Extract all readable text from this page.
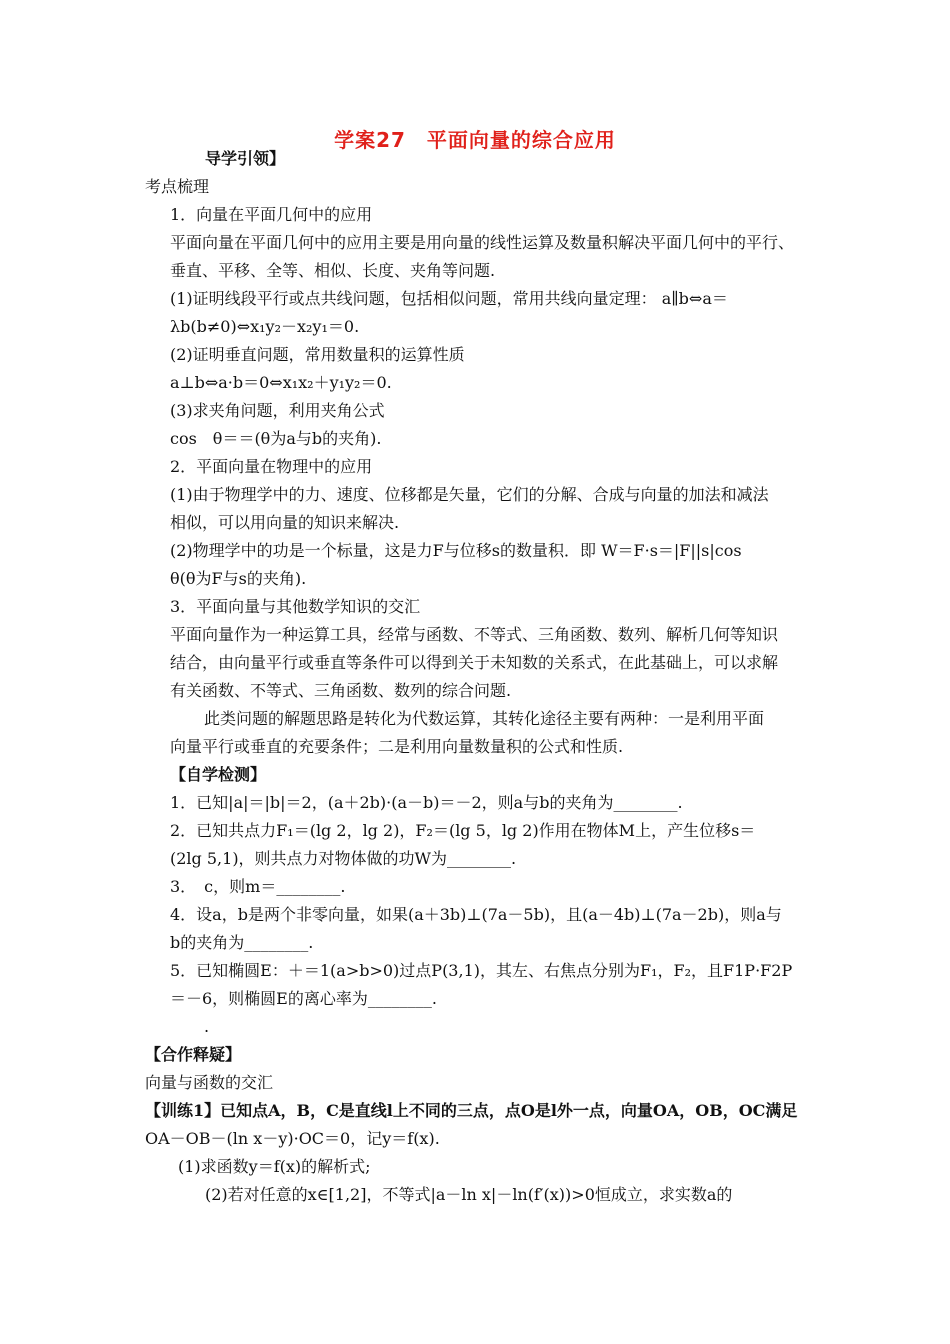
学案27　平面向量的综合应用
导学引领】
考点梳理
1．向量在平面几何中的应用
平面向量在平面几何中的应用主要是用向量的线性运算及数量积解决平面几何中的平行、
垂直、平移、全等、相似、长度、夹角等问题.
(1)证明线段平行或点共线问题，包括相似问题，常用共线向量定理： a∥b⇔a＝
λb(b≠0)⇔x₁y₂－x₂y₁＝0.
(2)证明垂直问题，常用数量积的运算性质
a⊥b⇔a·b＝0⇔x₁x₂＋y₁y₂＝0.
(3)求夹角问题，利用夹角公式
cos　θ＝＝(θ为a与b的夹角).
2．平面向量在物理中的应用
(1)由于物理学中的力、速度、位移都是矢量，它们的分解、合成与向量的加法和减法
相似，可以用向量的知识来解决.
(2)物理学中的功是一个标量，这是力F与位移s的数量积．即 W＝F·s＝|F||s|cos
θ(θ为F与s的夹角).
3．平面向量与其他数学知识的交汇
平面向量作为一种运算工具，经常与函数、不等式、三角函数、数列、解析几何等知识
结合，由向量平行或垂直等条件可以得到关于未知数的关系式，在此基础上，可以求解
有关函数、不等式、三角函数、数列的综合问题.
此类问题的解题思路是转化为代数运算，其转化途径主要有两种：一是利用平面
向量平行或垂直的充要条件；二是利用向量数量积的公式和性质.
【自学检测】
1．已知|a|＝|b|＝2，(a＋2b)·(a－b)＝－2，则a与b的夹角为________.
2．已知共点力F₁＝(lg 2，lg 2)，F₂＝(lg 5，lg 2)作用在物体M上，产生位移s＝
(2lg 5,1)，则共点力对物体做的功W为________.
3．　c，则m＝________.
4．设a，b是两个非零向量，如果(a＋3b)⊥(7a－5b)，且(a－4b)⊥(7a－2b)，则a与
b的夹角为________.
5．已知椭圆E：＋＝1(a>b>0)过点P(3,1)，其左、右焦点分别为F₁，F₂，且F1P·F2P
＝－6，则椭圆E的离心率为________.
.
【合作释疑】
向量与函数的交汇
【训练1】已知点A，B，C是直线l上不同的三点，点O是l外一点，向量OA，OB，OC满足
OA－OB－(ln x－y)·OC＝0，记y＝f(x).
(1)求函数y＝f(x)的解析式;
(2)若对任意的x∈[1,2]，不等式|a－ln x|－ln(f′(x))>0恒成立，求实数a的
